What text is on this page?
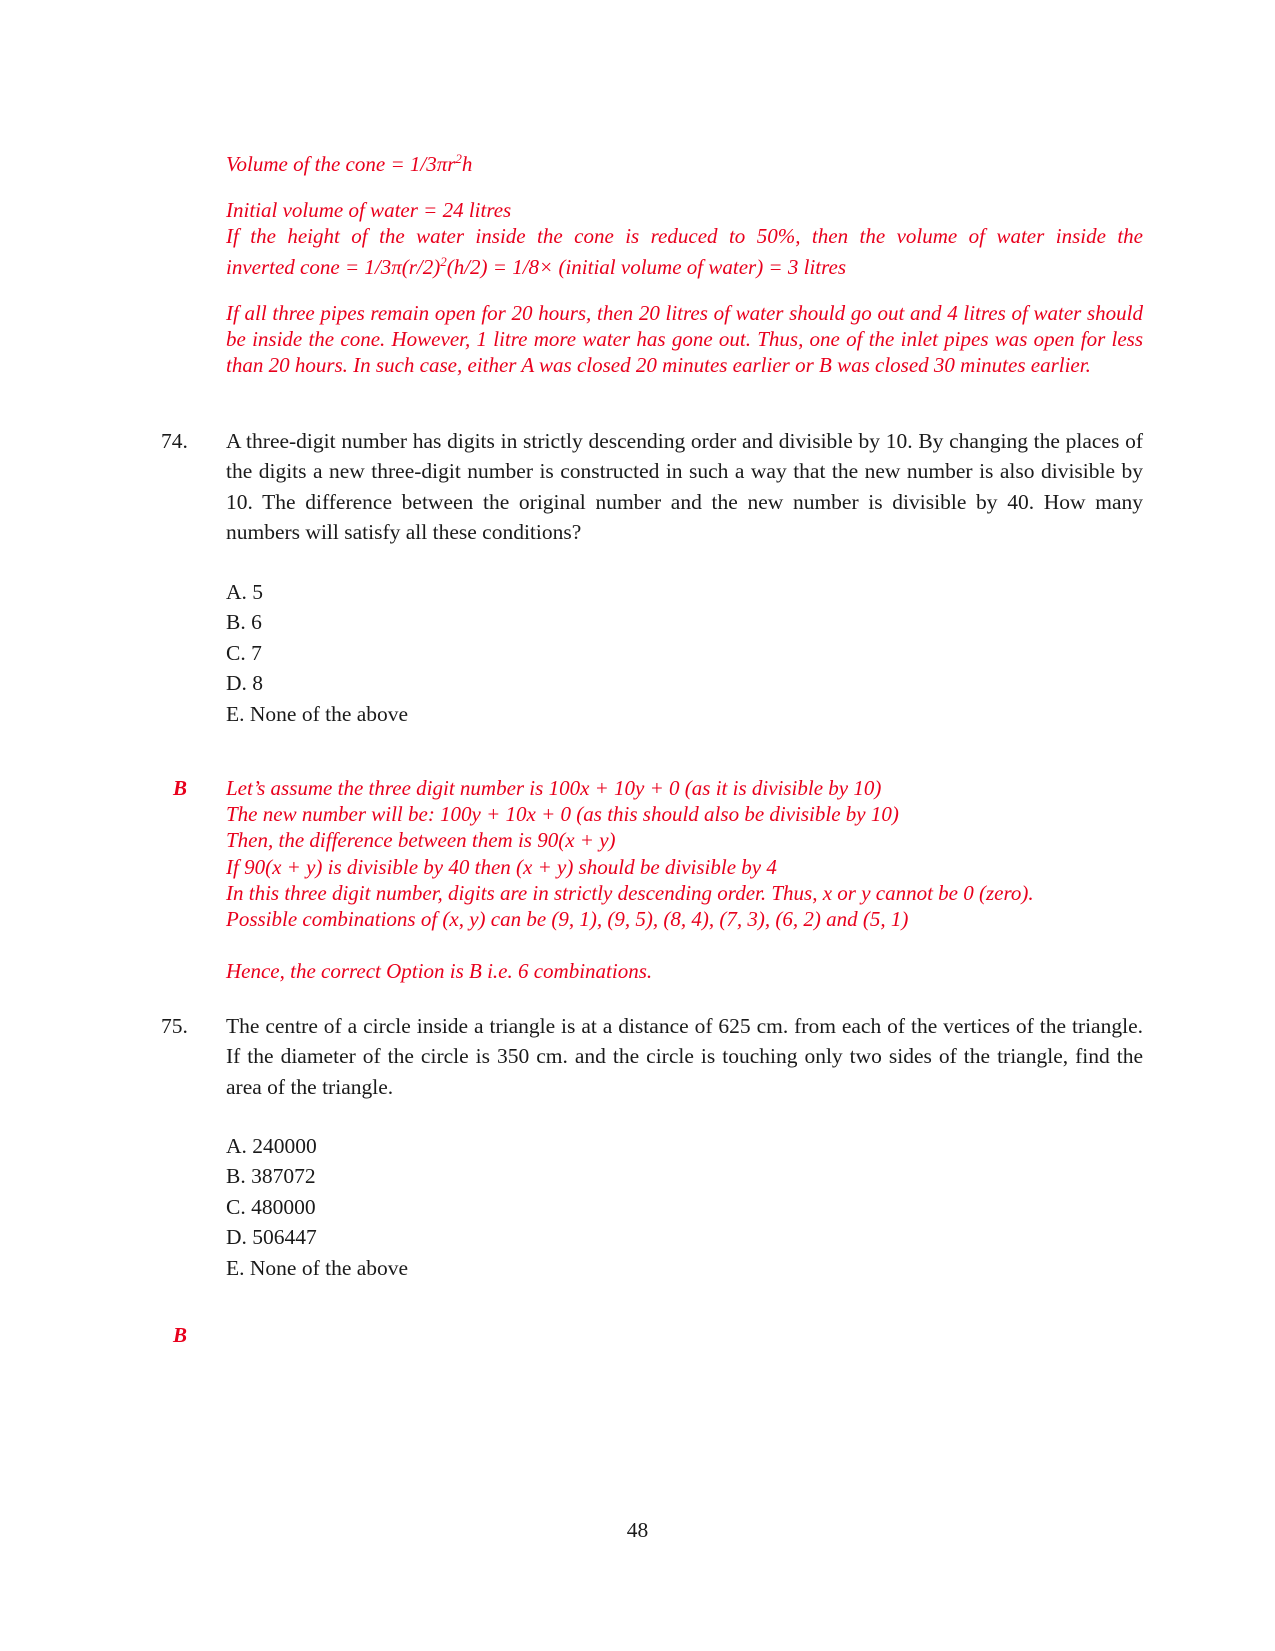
Volume of the cone = $1/3\pi r^2h$
Initial volume of water = 24 litres
If the height of the water inside the cone is reduced to 50%, then the volume of water inside the
inverted cone = $1/3\pi(r/2)^2(h/2) = 1/8\times$ (initial volume of water) = 3 litres
If all three pipes remain open for 20 hours, then 20 litres of water should go out and 4 litres of water should be inside the cone. However, 1 litre more water has gone out. Thus, one of the inlet pipes was open for less than 20 hours. In such case, either A was closed 20 minutes earlier or B was closed 30 minutes earlier.
74. A three-digit number has digits in strictly descending order and divisible by 10. By changing the places of the digits a new three-digit number is constructed in such a way that the new number is also divisible by 10. The difference between the original number and the new number is divisible by 40. How many numbers will satisfy all these conditions?
A. 5
B. 6
C. 7
D. 8
E. None of the above
B Let’s assume the three digit number is 100x + 10y + 0 (as it is divisible by 10)
The new number will be: 100y + 10x + 0 (as this should also be divisible by 10)
Then, the difference between them is 90(x + y)
If 90(x + y) is divisible by 40 then (x + y) should be divisible by 4
In this three digit number, digits are in strictly descending order. Thus, x or y cannot be 0 (zero).
Possible combinations of (x, y) can be (9, 1), (9, 5), (8, 4), (7, 3), (6, 2) and (5, 1)
Hence, the correct Option is B i.e. 6 combinations.
75. The centre of a circle inside a triangle is at a distance of 625 cm. from each of the vertices of the triangle. If the diameter of the circle is 350 cm. and the circle is touching only two sides of the triangle, find the area of the triangle.
A. 240000
B. 387072
C. 480000
D. 506447
E. None of the above
B
48
